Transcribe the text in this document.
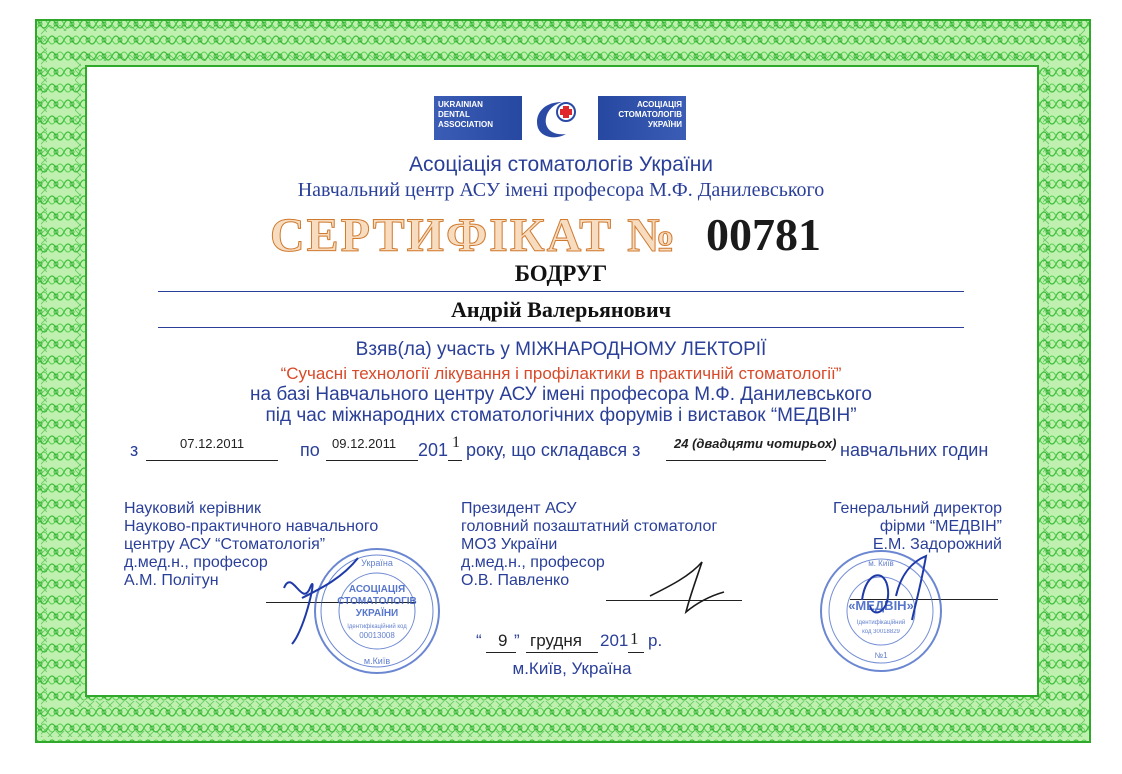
UKRAINIAN
DENTAL
ASSOCIATION
АСОЦІАЦІЯ
СТОМАТОЛОГІВ
УКРАЇНИ
Асоціація стоматологів України
Навчальний центр АСУ імені професора М.Ф. Данилевського
СЕРТИФІКАТ № 00781
БОДРУГ
Андрій Валерьянович
Взяв(ла) участь у МІЖНАРОДНОМУ ЛЕКТОРІЇ
“Сучасні технології лікування і профілактики в практичній стоматології”
на базі Навчального центру АСУ імені професора М.Ф. Данилевського
під час міжнародних стоматологічних форумів і виставок “МЕДВІН”
з	07.12.2011	по 09.12.2011 201 1 року, що складався з	24 (двадцяти чотирьох) навчальних годин
Науковий керівник
Науково-практичного навчального
центру АСУ “Стоматологія”
д.мед.н., професор
А.М. Політун
Президент АСУ
головний позаштатний стоматолог
МОЗ України
д.мед.н., професор
О.В. Павленко
Генеральний директор
фірми “МЕДВІН”
Е.М. Задорожний
Україна
АСОЦІАЦІЯ
СТОМАТОЛОГІВ
УКРАЇНИ
Ідентифікаційний код
00013008
м.Київ
м. Київ
«МЕДВІН»
Ідентифікаційний
код 30018829
№1
“ 9 ” грудня 201 1 р.
м.Київ, Україна
